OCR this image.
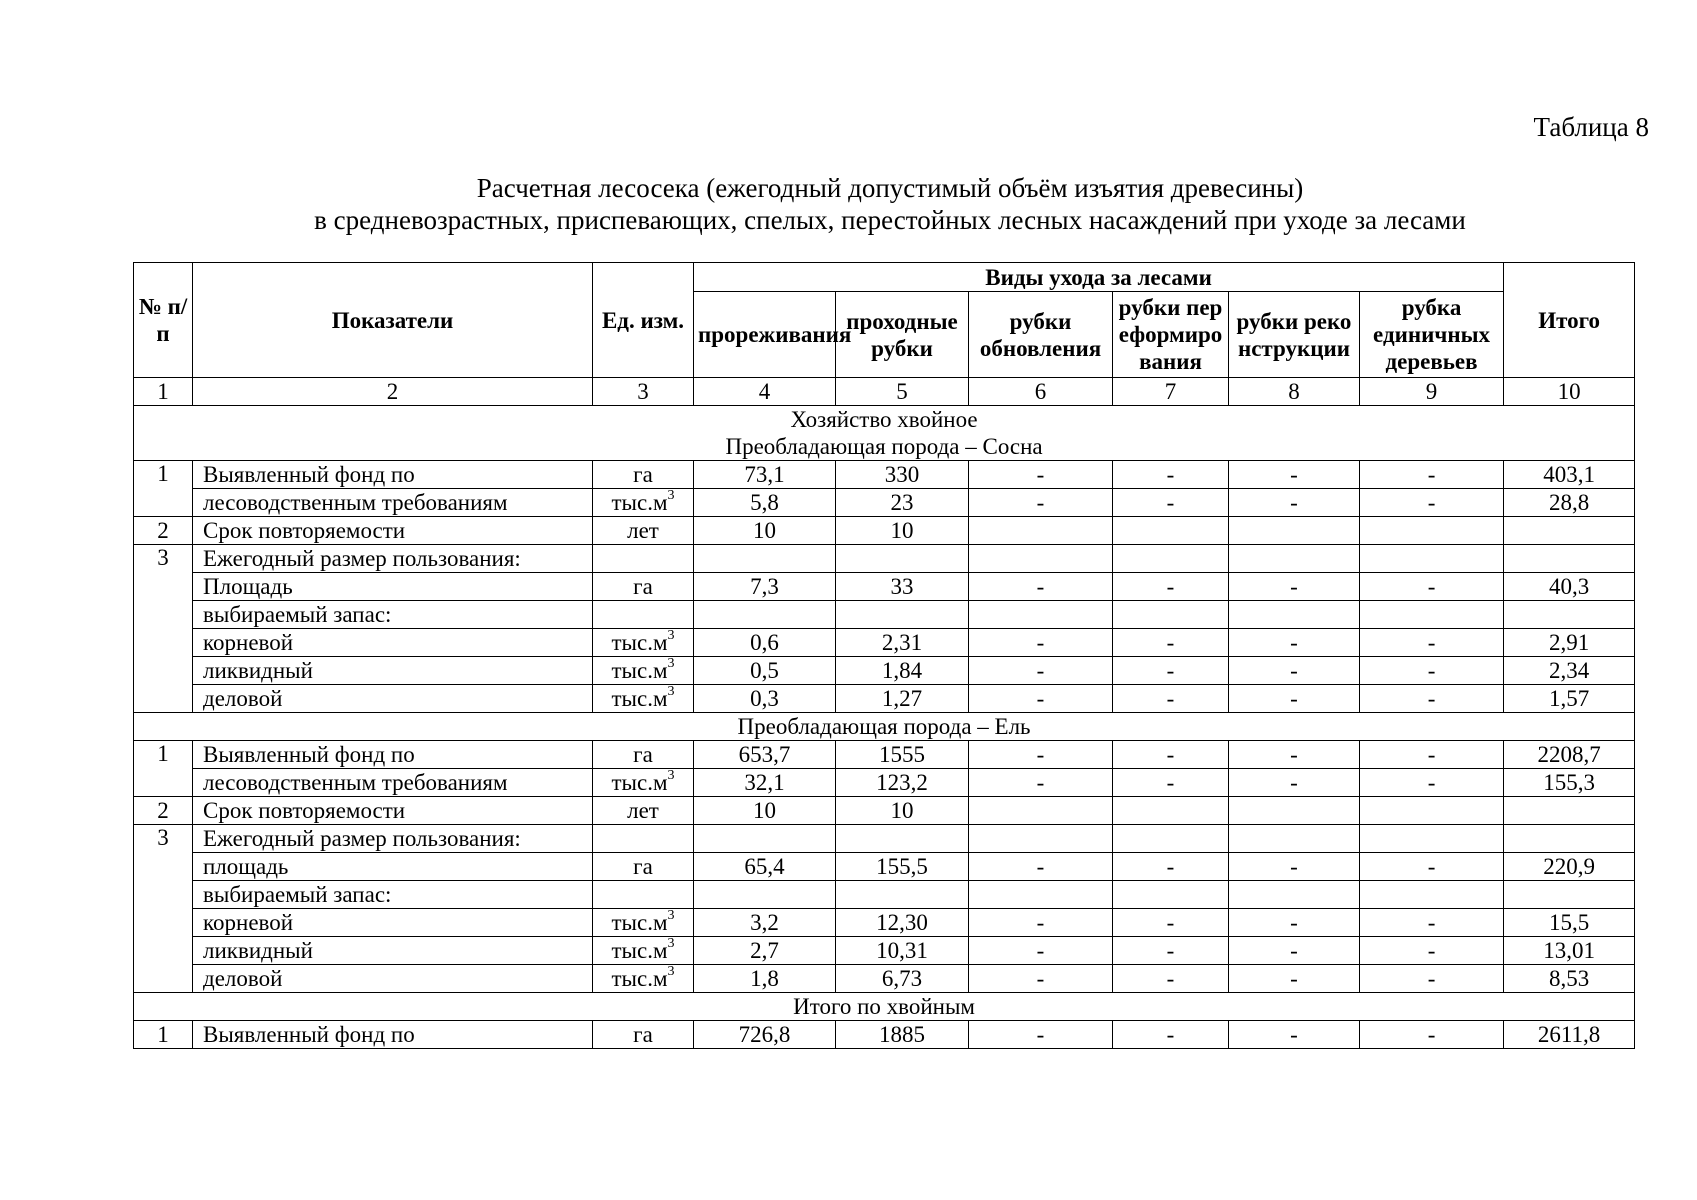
Таблица 8
Расчетная лесосека (ежегодный допустимый объём изъятия древесины)
в средневозрастных, приспевающих, спелых, перестойных лесных насаждений при уходе за лесами
№ п/п	Показатели	Ед. изм.	Виды ухода за лесами						Итого
			прореживания	проходные рубки	рубки обновления	рубки переформирования	рубки реконструкции	рубка единичных деревьев	
1	2	3	4	5	6	7	8	9	10

Хозяйство хвойное
Преобладающая порода – Сосна									

1	Выявленный фонд по	га	73,1	330	-	-	-	-	403,1
	лесоводственным требованиям	$тыс.м^3$	5,8	23	-	-	-	-	28,8
2	Срок повторяемости	лет	10	10					
3	Ежегодный размер пользования:								
	Площадь	га	7,3	33	-	-	-	-	40,3
	выбираемый запас:								
	корневой	$тыс.м^3$	0,6	2,31	-	-	-	-	2,91
	ликвидный	$тыс.м^3$	0,5	1,84	-	-	-	-	2,34
	деловой	$тыс.м^3$	0,3	1,27	-	-	-	-	1,57
Преобладающая порода – Ель									
1	Выявленный фонд по	га	653,7	1555	-	-	-	-	2208,7
	лесоводственным требованиям	$тыс.м^3$	32,1	123,2	-	-	-	-	155,3
2	Срок повторяемости	лет	10	10					
3	Ежегодный размер пользования:								
	площадь	га	65,4	155,5	-	-	-	-	220,9
	выбираемый запас:								
	корневой	$тыс.м^3$	3,2	12,30	-	-	-	-	15,5
	ликвидный	$тыс.м^3$	2,7	10,31	-	-	-	-	13,01
	деловой	$тыс.м^3$	1,8	6,73	-	-	-	-	8,53
Итого по хвойным									
1	Выявленный фонд по	га	726,8	1885	-	-	-	-	2611,8
